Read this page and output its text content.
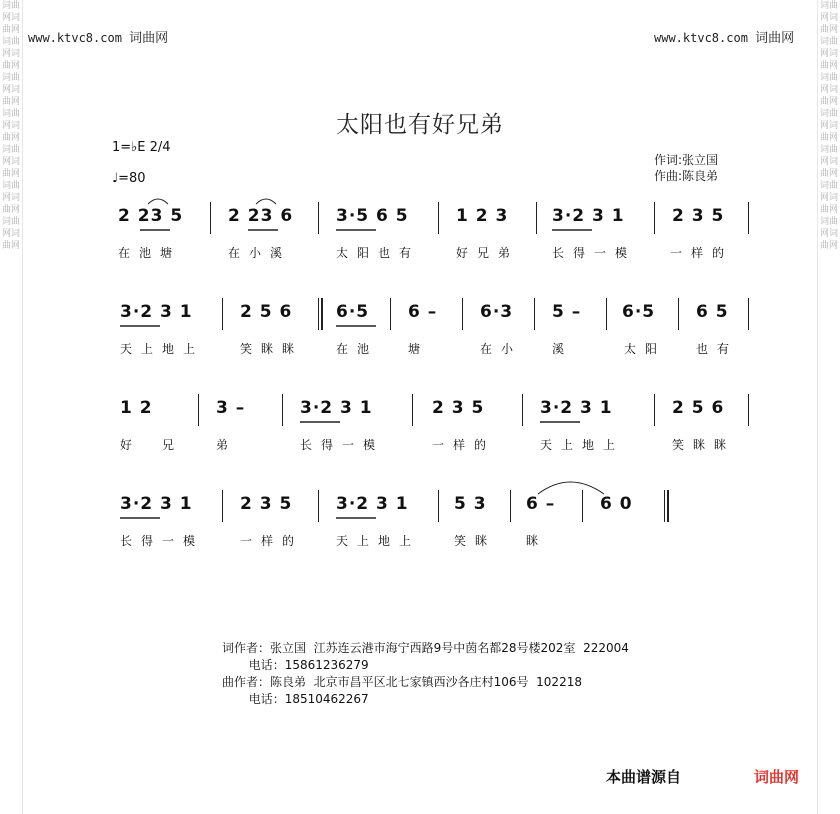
词曲网词曲网词曲网词曲网词曲网词曲网词曲网词曲网词曲网词曲网词曲网词曲网词曲网词曲网
词曲网词曲网词曲网词曲网词曲网词曲网词曲网词曲网词曲网词曲网词曲网词曲网词曲网词曲网
www.ktvc8.com 词曲网	www.ktvc8.com 词曲网
太阳也有好兄弟
1=♭E 2/4
♩=80
作词:张立国
作曲:陈良弟
2 23 5	2 23 6	3·5 6 5	1 2 3	3·2 3 1	2 3 5
在池塘	在小溪	太阳也有	好兄弟	长得一模	一样的
3·2 3 1	2 5 6	6·5 6 –	6·3 5 – 6·5 6 5
天上地上	笑眯眯	在池 塘	在小 溪	太阳 也有
1 2	3 –	3·2 3 1	2 3 5	3·2 3 1	2 5 6
好兄 弟	长得一模	一样的	天上地上	笑眯眯
3·2 3 1	2 3 5	3·2 3 1	5 3 6 –	6 0
长得一模	一样的	天上地上	笑眯 眯
词作者：张立国  江苏连云港市海宁西路9号中茵名都28号楼202室  222004
电话：15861236279
曲作者：陈良弟  北京市昌平区北七家镇西沙各庄村106号  102218
电话：18510462267
本曲谱源自	词曲网
